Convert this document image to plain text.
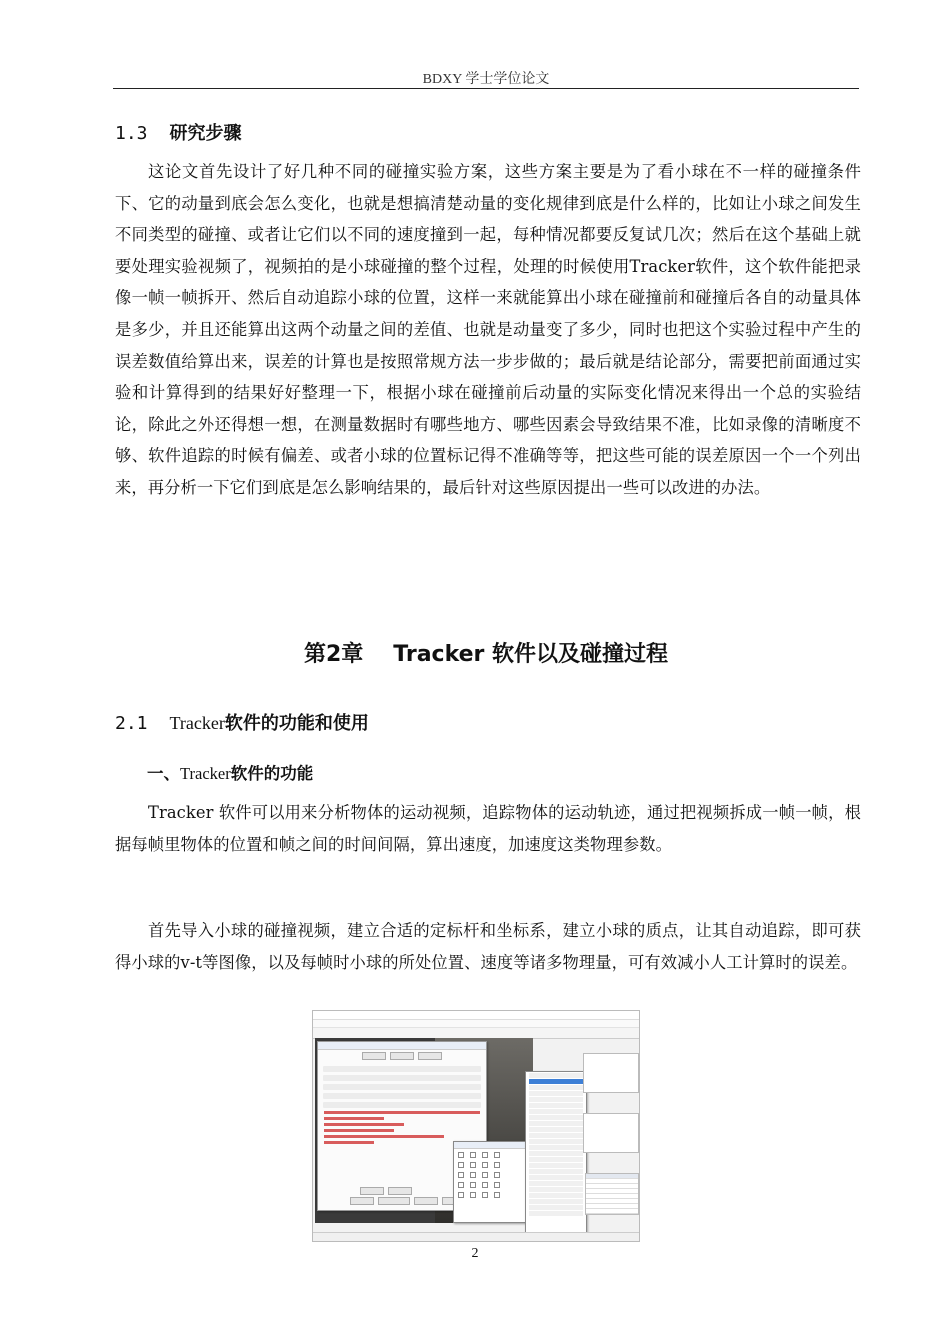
BDXY 学士学位论文
1.3 研究步骤
这论文首先设计了好几种不同的碰撞实验方案，这些方案主要是为了看小球在不一样的碰撞条件下、它的动量到底会怎么变化，也就是想搞清楚动量的变化规律到底是什么样的，比如让小球之间发生不同类型的碰撞、或者让它们以不同的速度撞到一起，每种情况都要反复试几次；然后在这个基础上就要处理实验视频了，视频拍的是小球碰撞的整个过程，处理的时候使用Tracker软件，这个软件能把录像一帧一帧拆开、然后自动追踪小球的位置，这样一来就能算出小球在碰撞前和碰撞后各自的动量具体是多少，并且还能算出这两个动量之间的差值、也就是动量变了多少，同时也把这个实验过程中产生的误差数值给算出来，误差的计算也是按照常规方法一步步做的；最后就是结论部分，需要把前面通过实验和计算得到的结果好好整理一下，根据小球在碰撞前后动量的实际变化情况来得出一个总的实验结论，除此之外还得想一想，在测量数据时有哪些地方、哪些因素会导致结果不准，比如录像的清晰度不够、软件追踪的时候有偏差、或者小球的位置标记得不准确等等，把这些可能的误差原因一个一个列出来，再分析一下它们到底是怎么影响结果的，最后针对这些原因提出一些可以改进的办法。
第2章 Tracker 软件以及碰撞过程
2.1 Tracker软件的功能和使用
一、Tracker软件的功能
Tracker 软件可以用来分析物体的运动视频，追踪物体的运动轨迹，通过把视频拆成一帧一帧，根据每帧里物体的位置和帧之间的时间间隔，算出速度，加速度这类物理参数。
首先导入小球的碰撞视频，建立合适的定标杆和坐标系，建立小球的质点，让其自动追踪，即可获得小球的v-t等图像，以及每帧时小球的所处位置、速度等诸多物理量，可有效减小人工计算时的误差。
2
